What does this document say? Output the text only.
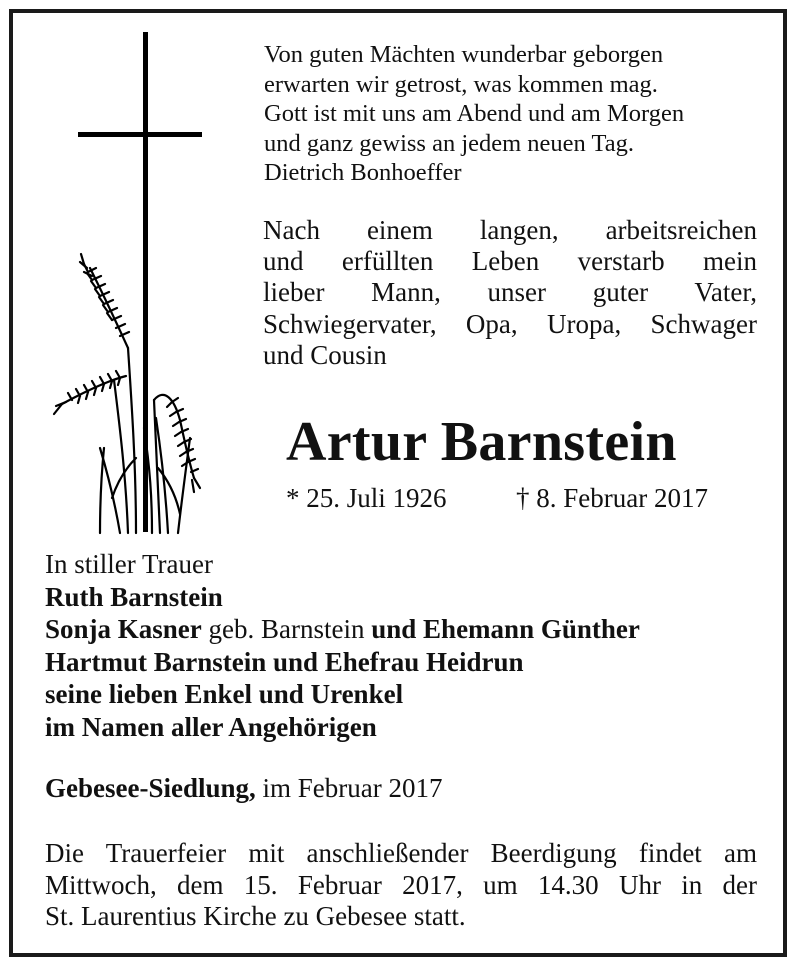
Von guten Mächten wunderbar geborgen
erwarten wir getrost, was kommen mag.
Gott ist mit uns am Abend und am Morgen
und ganz gewiss an jedem neuen Tag.
Dietrich Bonhoeffer
Nach einem langen, arbeitsreichen
und erfüllten Leben verstarb mein
lieber Mann, unser guter Vater,
Schwiegervater, Opa, Uropa, Schwager
und Cousin
Artur Barnstein
* 25. Juli 1926	† 8. Februar 2017
In stiller Trauer
Ruth Barnstein
Sonja Kasner geb. Barnstein und Ehemann Günther
Hartmut Barnstein und Ehefrau Heidrun
seine lieben Enkel und Urenkel
im Namen aller Angehörigen
Gebesee-Siedlung, im Februar 2017
Die Trauerfeier mit anschließender Beerdigung findet am
Mittwoch, dem 15. Februar 2017, um 14.30 Uhr in der
St. Laurentius Kirche zu Gebesee statt.
